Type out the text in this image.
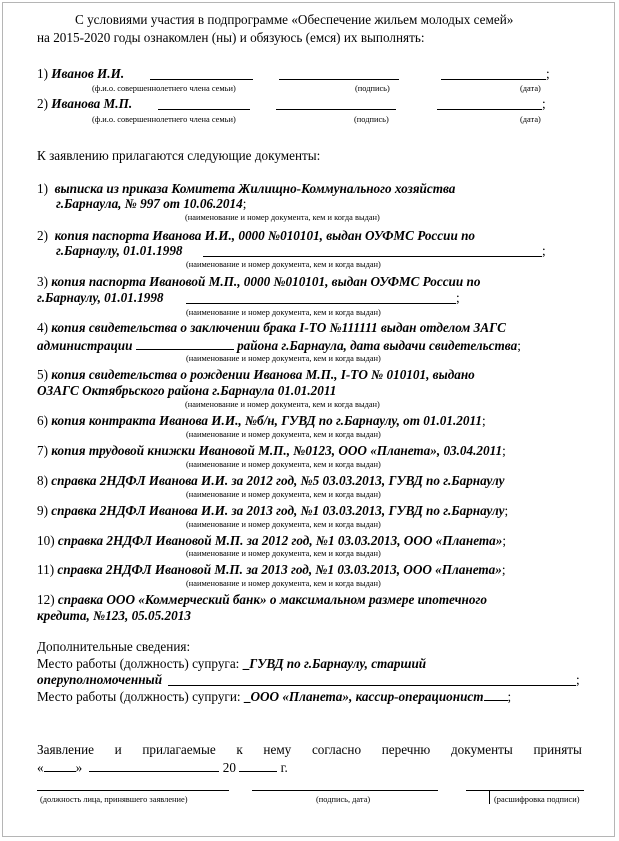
С условиями участия в подпрограмме «Обеспечение жильем молодых семей»
на 2015-2020 годы ознакомлен (ны) и обязуюсь (емся) их выполнять:
1) Иванов И.И.	;
(ф.и.о. совершеннолетнего члена семьи)	(подпись)	(дата)
2) Иванова М.П.	;
(ф.и.о. совершеннолетнего члена семьи)	(подпись)	(дата)
К заявлению прилагаются следующие документы:
1) выписка из приказа Комитета Жилищно-Коммунального хозяйства
г.Барнаула, № 997 от 10.06.2014;
(наименование и номер документа, кем и когда выдан)
2) копия паспорта Иванова И.И., 0000 №010101, выдан ОУФМС России по
г.Барнаулу, 01.01.1998	;
(наименование и номер документа, кем и когда выдан)
3) копия паспорта Ивановой М.П., 0000 №010101, выдан ОУФМС России по
г.Барнаулу, 01.01.1998	;
(наименование и номер документа, кем и когда выдан)
4) копия свидетельства о заключении брака I-ТО №111111 выдан отделом ЗАГС
администрации	района г.Барнаула, дата выдачи свидетельства;
(наименование и номер документа, кем и когда выдан)
5) копия свидетельства о рождении Иванова М.П., I-ТО № 010101, выдано
ОЗАГС Октябрьского района г.Барнаула 01.01.2011
(наименование и номер документа, кем и когда выдан)
6) копия контракта Иванова И.И., №б/н, ГУВД по г.Барнаулу, от 01.01.2011;
(наименование и номер документа, кем и когда выдан)
7) копия трудовой книжки Ивановой М.П., №0123, ООО «Планета», 03.04.2011;
(наименование и номер документа, кем и когда выдан)
8) справка 2НДФЛ Иванова И.И. за 2012 год, №5 03.03.2013, ГУВД по г.Барнаулу
(наименование и номер документа, кем и когда выдан)
9) справка 2НДФЛ Иванова И.И. за 2013 год, №1 03.03.2013, ГУВД по г.Барнаулу;
(наименование и номер документа, кем и когда выдан)
10) справка 2НДФЛ Ивановой М.П. за 2012 год, №1 03.03.2013, ООО «Планета»;
(наименование и номер документа, кем и когда выдан)
11) справка 2НДФЛ Ивановой М.П. за 2013 год, №1 03.03.2013, ООО «Планета»;
(наименование и номер документа, кем и когда выдан)
12) справка ООО «Коммерческий банк» о максимальном размере ипотечного
кредита, №123, 05.05.2013
Дополнительные сведения:
Место работы (должность) супруга: _ГУВД по г.Барнаулу, старший
оперуполномоченный	;
Место работы (должность) супруги: _ООО «Планета», кассир-операционист ;
Заявление и прилагаемые к нему согласно перечню документы приняты
« »	20	г.
(должность лица, принявшего заявление)	(подпись, дата)	(расшифровка подписи)
